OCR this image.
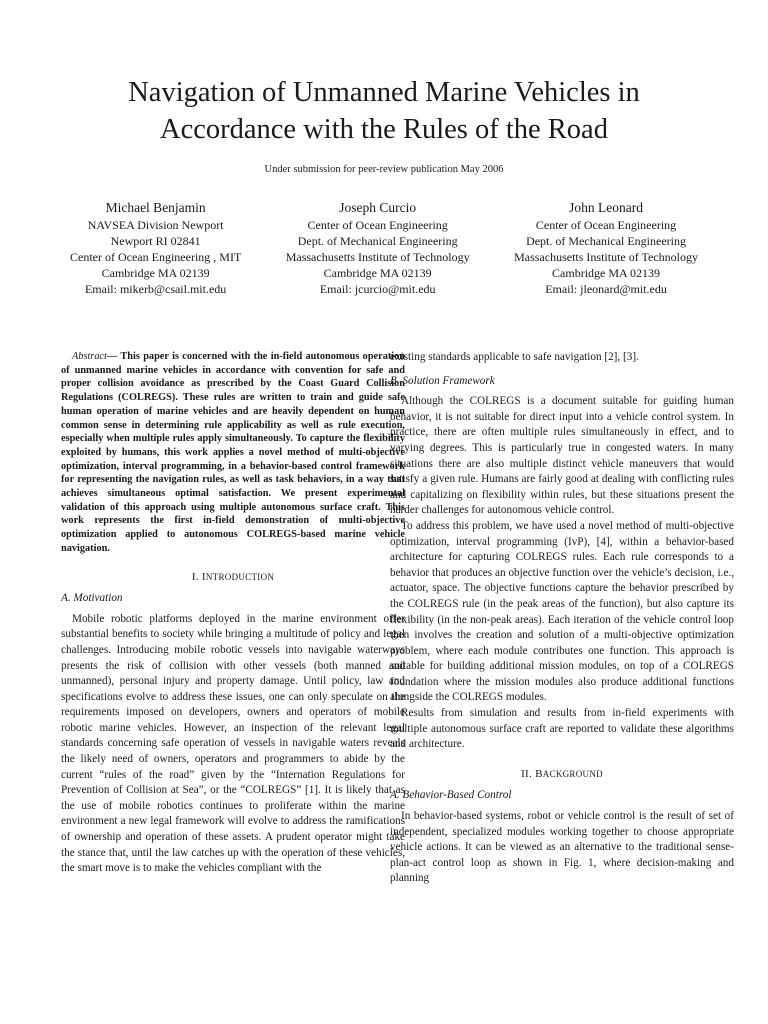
Navigation of Unmanned Marine Vehicles in
Accordance with the Rules of the Road
Under submission for peer-review publication May 2006
Michael Benjamin
NAVSEA Division Newport
Newport RI 02841
Center of Ocean Engineering , MIT
Cambridge MA 02139
Email: mikerb@csail.mit.edu
Joseph Curcio
Center of Ocean Engineering
Dept. of Mechanical Engineering
Massachusetts Institute of Technology
Cambridge MA 02139
Email: jcurcio@mit.edu
John Leonard
Center of Ocean Engineering
Dept. of Mechanical Engineering
Massachusetts Institute of Technology
Cambridge MA 02139
Email: jleonard@mit.edu

Abstract— This paper is concerned with the in-field autonomous operation of unmanned marine vehicles in accordance with convention for safe and proper collision avoidance as prescribed by the Coast Guard Collision Regulations (COLREGS). These rules are written to train and guide safe human operation of marine vehicles and are heavily dependent on human common sense in determining rule applicability as well as rule execution, especially when multiple rules apply simultaneously. To capture the flexibility exploited by humans, this work applies a novel method of multi-objective optimization, interval programming, in a behavior-based control framework for representing the navigation rules, as well as task behaviors, in a way that achieves simultaneous optimal satisfaction. We present experimental validation of this approach using multiple autonomous surface craft. This work represents the first in-field demonstration of multi-objective optimization applied to autonomous COLREGS-based marine vehicle navigation.

I. INTRODUCTION
A. Motivation

Mobile robotic platforms deployed in the marine environment offer substantial benefits to society while bringing a multitude of policy and legal challenges. Introducing mobile robotic vessels into navigable waterways presents the risk of collision with other vessels (both manned and unmanned), personal injury and property damage. Until policy, law and specifications evolve to address these issues, one can only speculate on the requirements imposed on developers, owners and operators of mobile robotic marine vehicles. However, an inspection of the relevant legal standards concerning safe operation of vessels in navigable waters reveals the likely need of owners, operators and programmers to abide by the current “rules of the road” given by the “Internation Regulations for Prevention of Collision at Sea”, or the “COLREGS” [1]. It is likely that as the use of mobile robotics continues to proliferate within the marine environment a new legal framework will evolve to address the ramifications of ownership and operation of these assets. A prudent operator might take the stance that, until the law catches up with the operation of these vehicles, the smart move is to make the vehicles compliant with the

existing standards applicable to safe navigation [2], [3].

B. Solution Framework

Although the COLREGS is a document suitable for guiding human behavior, it is not suitable for direct input into a vehicle control system. In practice, there are often multiple rules simultaneously in effect, and to varying degrees. This is particularly true in congested waters. In many situations there are also multiple distinct vehicle maneuvers that would satisfy a given rule. Humans are fairly good at dealing with conflicting rules and capitalizing on flexibility within rules, but these situations present the harder challenges for autonomous vehicle control.

To address this problem, we have used a novel method of multi-objective optimization, interval programming (IvP), [4], within a behavior-based architecture for capturing COLREGS rules. Each rule corresponds to a behavior that produces an objective function over the vehicle’s decision, i.e., actuator, space. The objective functions capture the behavior prescribed by the COLREGS rule (in the peak areas of the function), but also capture its flexibility (in the non-peak areas). Each iteration of the vehicle control loop then involves the creation and solution of a multi-objective optimization problem, where each module contributes one function. This approach is suitable for building additional mission modules, on top of a COLREGS foundation where the mission modules also produce additional functions alongside the COLREGS modules.

Results from simulation and results from in-field experiments with multiple autonomous surface craft are reported to validate these algorithms and architecture.

II. BACKGROUND
A. Behavior-Based Control

In behavior-based systems, robot or vehicle control is the result of set of independent, specialized modules working together to choose appropriate vehicle actions. It can be viewed as an alternative to the traditional sense-plan-act control loop as shown in Fig. 1, where decision-making and planning
